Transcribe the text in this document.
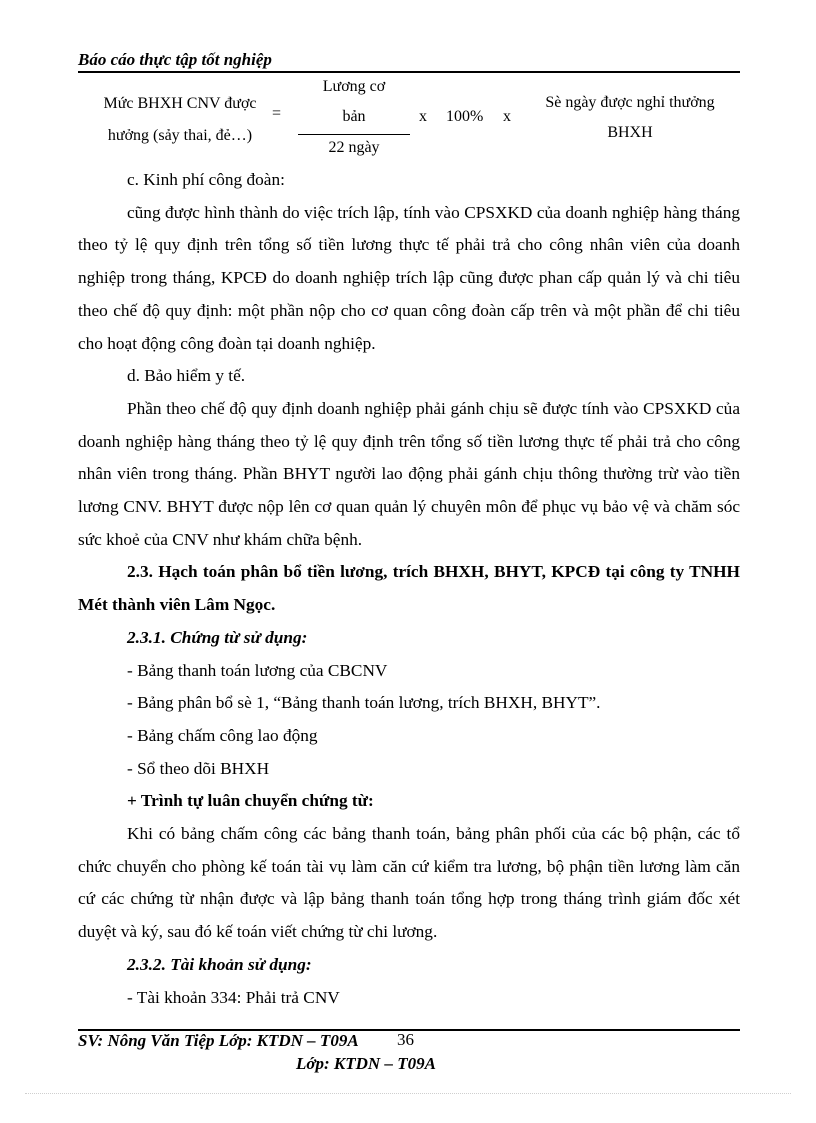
Báo cáo thực tập tốt nghiệp
Mức BHXH CNV được
hưởng (sảy thai, đẻ…)
=
Lương cơ
bản
22 ngày
x 100% x
Sè ngày được nghỉ thưởng
BHXH

c. Kinh phí công đoàn:

cũng được hình thành do việc trích lập, tính vào CPSXKD của doanh nghiệp hàng tháng theo tỷ lệ quy định trên tổng số tiền lương thực tế phải trả cho công nhân viên của doanh nghiệp trong tháng, KPCĐ do doanh nghiệp trích lập cũng được phan cấp quản lý và chi tiêu theo chế độ quy định: một phần nộp cho cơ quan công đoàn cấp trên và một phần để chi tiêu cho hoạt động công đoàn tại doanh nghiệp.

d. Bảo hiểm y tế.

Phần theo chế độ quy định doanh nghiệp phải gánh chịu sẽ được tính vào CPSXKD của doanh nghiệp hàng tháng theo tỷ lệ quy định trên tổng số tiền lương thực tế phải trả cho công nhân viên trong tháng. Phần BHYT người lao động phải gánh chịu thông thường trừ vào tiền lương CNV. BHYT được nộp lên cơ quan quản lý chuyên môn để phục vụ bảo vệ và chăm sóc sức khoẻ của CNV như khám chữa bệnh.

2.3. Hạch toán phân bổ tiền lương, trích BHXH, BHYT, KPCĐ tại công ty TNHH Mét thành viên Lâm Ngọc.

2.3.1. Chứng từ sử dụng:

- Bảng thanh toán lương của CBCNV

- Bảng phân bổ sè 1, “Bảng thanh toán lương, trích BHXH, BHYT”.

- Bảng chấm công lao động

- Sổ theo dõi BHXH

+ Trình tự luân chuyển chứng từ:

Khi có bảng chấm công các bảng thanh toán, bảng phân phối của các bộ phận, các tổ chức chuyển cho phòng kế toán tài vụ làm căn cứ kiểm tra lương, bộ phận tiền lương làm căn cứ các chứng từ nhận được và lập bảng thanh toán tổng hợp trong tháng trình giám đốc xét duyệt và ký, sau đó kế toán viết chứng từ chi lương.

2.3.2. Tài khoản sử dụng:

- Tài khoản 334: Phải trả CNV

SV: Nông Văn Tiệp Lớp: KTDN – T09A 36
Lớp: KTDN – T09A
